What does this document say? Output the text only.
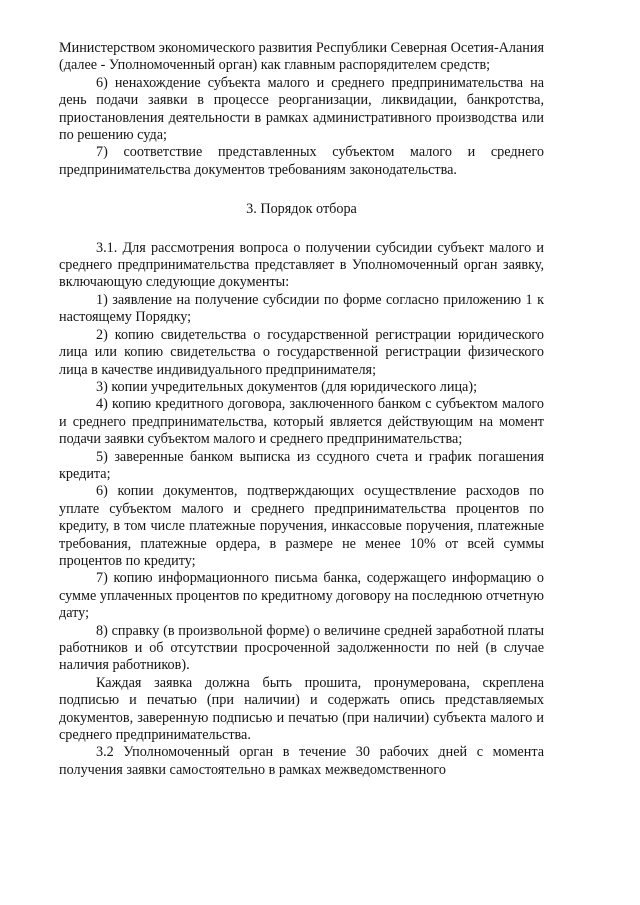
Министерством экономического развития Республики Северная Осетия-Алания (далее - Уполномоченный орган) как главным распорядителем средств;

6) ненахождение субъекта малого и среднего предпринимательства на день подачи заявки в процессе реорганизации, ликвидации, банкротства, приостановления деятельности в рамках административного производства или по решению суда;

7) соответствие представленных субъектом малого и среднего предпринимательства документов требованиям законодательства.

3. Порядок отбора

3.1. Для рассмотрения вопроса о получении субсидии субъект малого и среднего предпринимательства представляет в Уполномоченный орган заявку, включающую следующие документы:

1) заявление на получение субсидии по форме согласно приложению 1 к настоящему Порядку;

2) копию свидетельства о государственной регистрации юридического лица или копию свидетельства о государственной регистрации физического лица в качестве индивидуального предпринимателя;

3) копии учредительных документов (для юридического лица);

4) копию кредитного договора, заключенного банком с субъектом малого и среднего предпринимательства, который является действующим на момент подачи заявки субъектом малого и среднего предпринимательства;

5) заверенные банком выписка из ссудного счета и график погашения кредита;

6) копии документов, подтверждающих осуществление расходов по уплате субъектом малого и среднего предпринимательства процентов по кредиту, в том числе платежные поручения, инкассовые поручения, платежные требования, платежные ордера, в размере не менее 10% от всей суммы процентов по кредиту;

7) копию информационного письма банка, содержащего информацию о сумме уплаченных процентов по кредитному договору на последнюю отчетную дату;

8) справку (в произвольной форме) о величине средней заработной платы работников и об отсутствии просроченной задолженности по ней (в случае наличия работников).

Каждая заявка должна быть прошита, пронумерована, скреплена подписью и печатью (при наличии) и содержать опись представляемых документов, заверенную подписью и печатью (при наличии) субъекта малого и среднего предпринимательства.

3.2 Уполномоченный орган в течение 30 рабочих дней с момента получения заявки самостоятельно в рамках межведомственного
